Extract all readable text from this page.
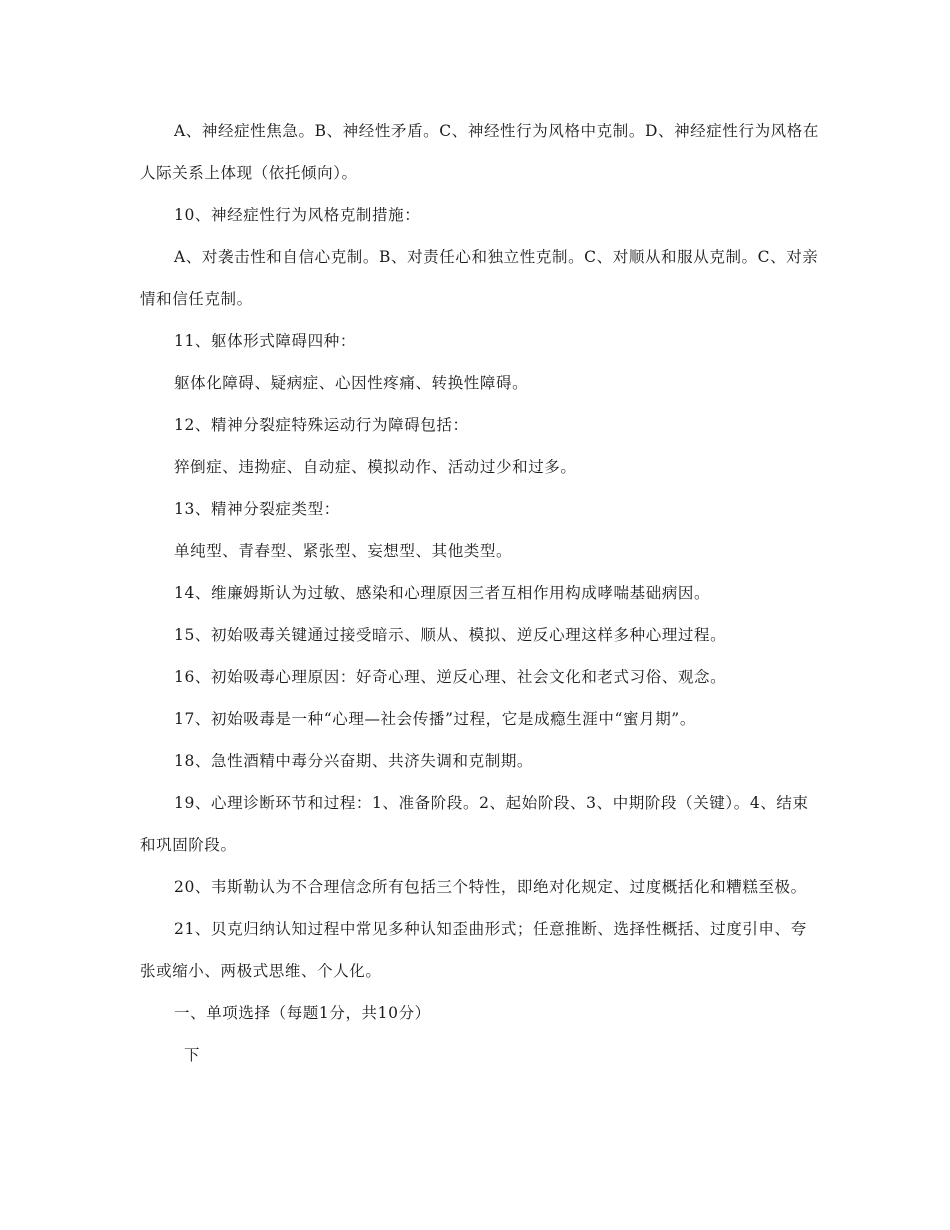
A、神经症性焦急。B、神经性矛盾。C、神经性行为风格中克制。D、神经症性行为风格在人际关系上体现（依托倾向）。

10、神经症性行为风格克制措施：

A、对袭击性和自信心克制。B、对责任心和独立性克制。C、对顺从和服从克制。C、对亲情和信任克制。

11、躯体形式障碍四种：

躯体化障碍、疑病症、心因性疼痛、转换性障碍。

12、精神分裂症特殊运动行为障碍包括：

猝倒症、违拗症、自动症、模拟动作、活动过少和过多。

13、精神分裂症类型：

单纯型、青春型、紧张型、妄想型、其他类型。

14、维廉姆斯认为过敏、感染和心理原因三者互相作用构成哮喘基础病因。

15、初始吸毒关键通过接受暗示、顺从、模拟、逆反心理这样多种心理过程。

16、初始吸毒心理原因：好奇心理、逆反心理、社会文化和老式习俗、观念。

17、初始吸毒是一种“心理—社会传播”过程，它是成瘾生涯中“蜜月期”。

18、急性酒精中毒分兴奋期、共济失调和克制期。

19、心理诊断环节和过程：1、准备阶段。2、起始阶段、3、中期阶段（关键）。4、结束和巩固阶段。

20、韦斯勒认为不合理信念所有包括三个特性，即绝对化规定、过度概括化和糟糕至极。

21、贝克归纳认知过程中常见多种认知歪曲形式；任意推断、选择性概括、过度引申、夸张或缩小、两极式思维、个人化。

一、单项选择（每题1分，共10分）

下
